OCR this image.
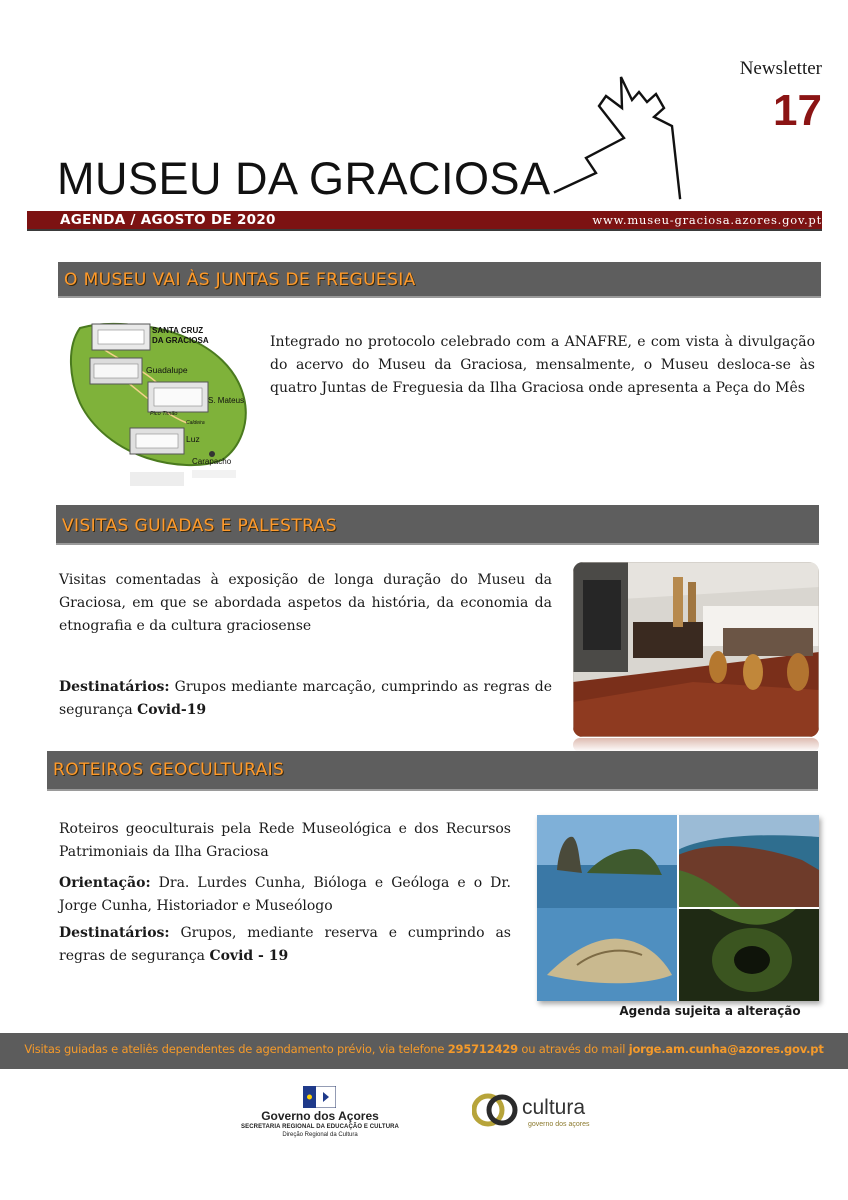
Newsletter
17
MUSEU DA GRACIOSA
AGENDA / AGOSTO DE 2020	www.museu-graciosa.azores.gov.pt
O MUSEU VAI ÀS JUNTAS DE FREGUESIA
SANTA CRUZ
DA GRACIOSA
Guadalupe
S. Mateus
Pico Timão
Caldeira
Luz
Carapacho
Integrado no protocolo celebrado com a ANAFRE, e com vista à divulgação do acervo do Museu da Graciosa, mensalmente, o Museu desloca-se às quatro Juntas de Freguesia da Ilha Graciosa onde apresenta a Peça do Mês
VISITAS GUIADAS E PALESTRAS
Visitas comentadas à exposição de longa duração do Museu da Graciosa, em que se abordada aspetos da história, da economia da etnografia e da cultura graciosense
Destinatários: Grupos mediante marcação, cumprindo as regras de segurança Covid-19
ROTEIROS GEOCULTURAIS
Roteiros geoculturais pela Rede Museológica e dos Recursos Patrimoniais da Ilha Graciosa
Orientação: Dra. Lurdes Cunha, Bióloga e Geóloga e o Dr. Jorge Cunha, Historiador e Museólogo
Destinatários: Grupos, mediante reserva e cumprindo as regras de segurança Covid - 19
Agenda sujeita a alteração
Visitas guiadas e ateliês dependentes de agendamento prévio, via telefone 295712429 ou através do mail jorge.am.cunha@azores.gov.pt
Governo dos Açores
SECRETARIA REGIONAL DA EDUCAÇÃO E CULTURA
Direção Regional da Cultura
cultura
governo dos açores
